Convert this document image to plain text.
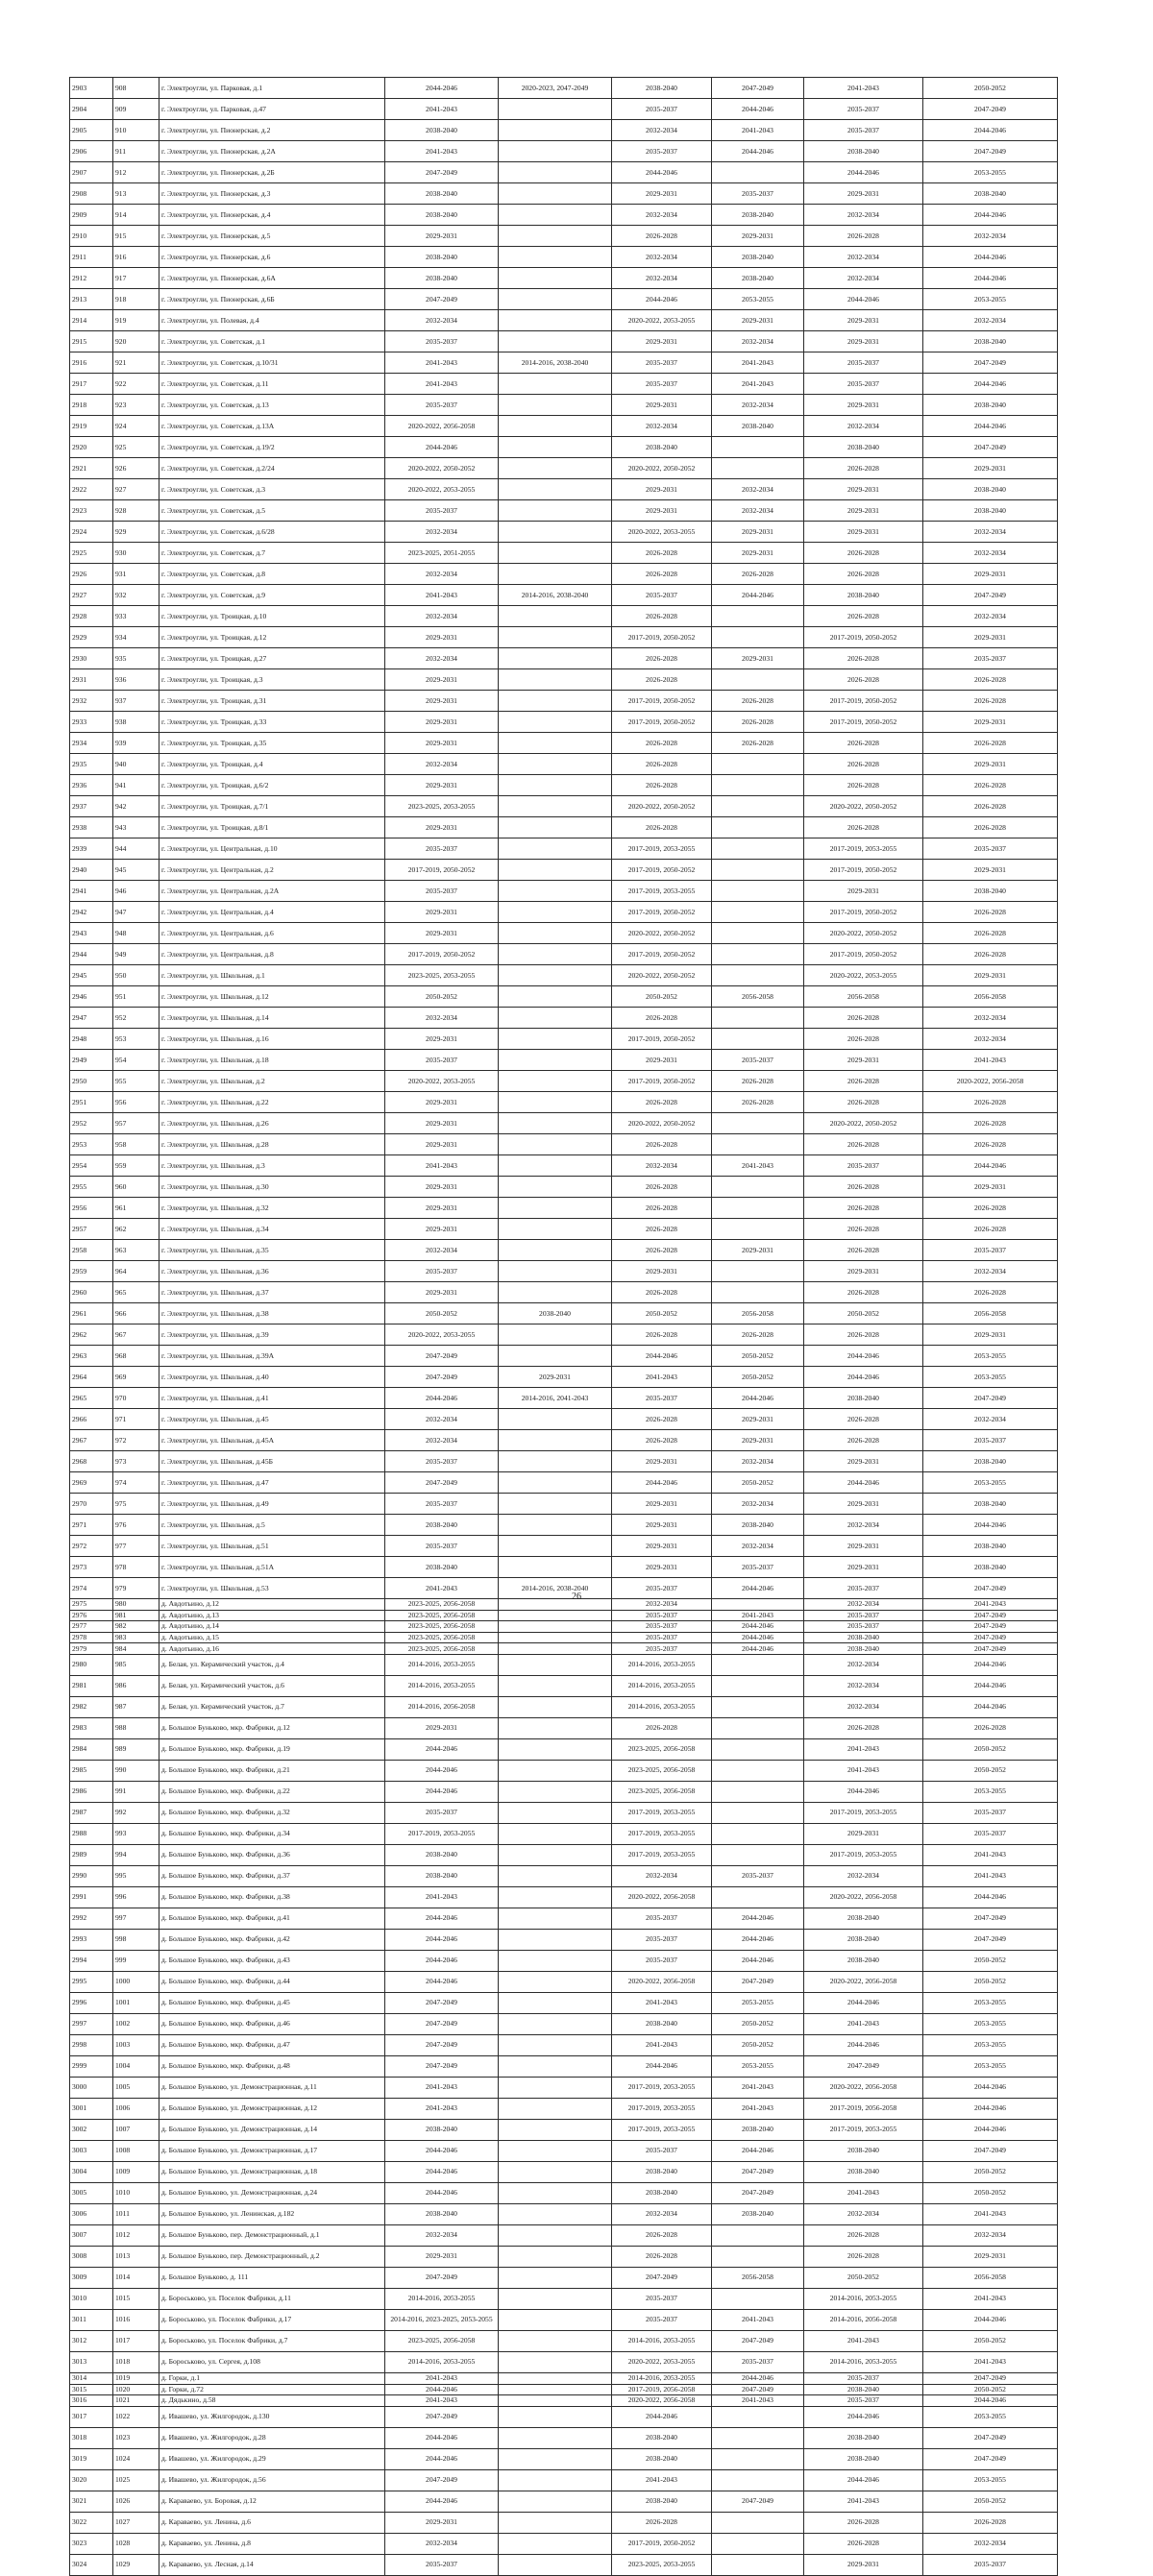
2903	908	г. Электроугли, ул. Парковая, д.1	2044-2046	2020-2023, 2047-2049	2038-2040	2047-2049	2041-2043	2050-2052
2904	909	г. Электроугли, ул. Парковая, д.47	2041-2043		2035-2037	2044-2046	2035-2037	2047-2049
2905	910	г. Электроугли, ул. Пионерская, д.2	2038-2040		2032-2034	2041-2043	2035-2037	2044-2046
2906	911	г. Электроугли, ул. Пионерская, д.2А	2041-2043		2035-2037	2044-2046	2038-2040	2047-2049
2907	912	г. Электроугли, ул. Пионерская, д.2Б	2047-2049		2044-2046		2044-2046	2053-2055
2908	913	г. Электроугли, ул. Пионерская, д.3	2038-2040		2029-2031	2035-2037	2029-2031	2038-2040
2909	914	г. Электроугли, ул. Пионерская, д.4	2038-2040		2032-2034	2038-2040	2032-2034	2044-2046
2910	915	г. Электроугли, ул. Пионерская, д.5	2029-2031		2026-2028	2029-2031	2026-2028	2032-2034
2911	916	г. Электроугли, ул. Пионерская, д.6	2038-2040		2032-2034	2038-2040	2032-2034	2044-2046
2912	917	г. Электроугли, ул. Пионерская, д.6А	2038-2040		2032-2034	2038-2040	2032-2034	2044-2046
2913	918	г. Электроугли, ул. Пионерская, д.6Б	2047-2049		2044-2046	2053-2055	2044-2046	2053-2055
2914	919	г. Электроугли, ул. Полевая, д.4	2032-2034		2020-2022, 2053-2055	2029-2031	2029-2031	2032-2034
2915	920	г. Электроугли, ул. Советская, д.1	2035-2037		2029-2031	2032-2034	2029-2031	2038-2040
2916	921	г. Электроугли, ул. Советская, д.10/31	2041-2043	2014-2016, 2038-2040	2035-2037	2041-2043	2035-2037	2047-2049
2917	922	г. Электроугли, ул. Советская, д.11	2041-2043		2035-2037	2041-2043	2035-2037	2044-2046
2918	923	г. Электроугли, ул. Советская, д.13	2035-2037		2029-2031	2032-2034	2029-2031	2038-2040
2919	924	г. Электроугли, ул. Советская, д.13А	2020-2022, 2056-2058		2032-2034	2038-2040	2032-2034	2044-2046
2920	925	г. Электроугли, ул. Советская, д.19/2	2044-2046		2038-2040		2038-2040	2047-2049
2921	926	г. Электроугли, ул. Советская, д.2/24	2020-2022, 2050-2052		2020-2022, 2050-2052		2026-2028	2029-2031
2922	927	г. Электроугли, ул. Советская, д.3	2020-2022, 2053-2055		2029-2031	2032-2034	2029-2031	2038-2040
2923	928	г. Электроугли, ул. Советская, д.5	2035-2037		2029-2031	2032-2034	2029-2031	2038-2040
2924	929	г. Электроугли, ул. Советская, д.6/28	2032-2034		2020-2022, 2053-2055	2029-2031	2029-2031	2032-2034
2925	930	г. Электроугли, ул. Советская, д.7	2023-2025, 2051-2055		2026-2028	2029-2031	2026-2028	2032-2034
2926	931	г. Электроугли, ул. Советская, д.8	2032-2034		2026-2028	2026-2028	2026-2028	2029-2031
2927	932	г. Электроугли, ул. Советская, д.9	2041-2043	2014-2016, 2038-2040	2035-2037	2044-2046	2038-2040	2047-2049
2928	933	г. Электроугли, ул. Троицкая, д.10	2032-2034		2026-2028		2026-2028	2032-2034
2929	934	г. Электроугли, ул. Троицкая, д.12	2029-2031		2017-2019, 2050-2052		2017-2019, 2050-2052	2029-2031
2930	935	г. Электроугли, ул. Троицкая, д.27	2032-2034		2026-2028	2029-2031	2026-2028	2035-2037
2931	936	г. Электроугли, ул. Троицкая, д.3	2029-2031		2026-2028		2026-2028	2026-2028
2932	937	г. Электроугли, ул. Троицкая, д.31	2029-2031		2017-2019, 2050-2052	2026-2028	2017-2019, 2050-2052	2026-2028
2933	938	г. Электроугли, ул. Троицкая, д.33	2029-2031		2017-2019, 2050-2052	2026-2028	2017-2019, 2050-2052	2029-2031
2934	939	г. Электроугли, ул. Троицкая, д.35	2029-2031		2026-2028	2026-2028	2026-2028	2026-2028
2935	940	г. Электроугли, ул. Троицкая, д.4	2032-2034		2026-2028		2026-2028	2029-2031
2936	941	г. Электроугли, ул. Троицкая, д.6/2	2029-2031		2026-2028		2026-2028	2026-2028
2937	942	г. Электроугли, ул. Троицкая, д.7/1	2023-2025, 2053-2055		2020-2022, 2050-2052		2020-2022, 2050-2052	2026-2028
2938	943	г. Электроугли, ул. Троицкая, д.8/1	2029-2031		2026-2028		2026-2028	2026-2028
2939	944	г. Электроугли, ул. Центральная, д.10	2035-2037		2017-2019, 2053-2055		2017-2019, 2053-2055	2035-2037
2940	945	г. Электроугли, ул. Центральная, д.2	2017-2019, 2050-2052		2017-2019, 2050-2052		2017-2019, 2050-2052	2029-2031
2941	946	г. Электроугли, ул. Центральная, д.2А	2035-2037		2017-2019, 2053-2055		2029-2031	2038-2040
2942	947	г. Электроугли, ул. Центральная, д.4	2029-2031		2017-2019, 2050-2052		2017-2019, 2050-2052	2026-2028
2943	948	г. Электроугли, ул. Центральная, д.6	2029-2031		2020-2022, 2050-2052		2020-2022, 2050-2052	2026-2028
2944	949	г. Электроугли, ул. Центральная, д.8	2017-2019, 2050-2052		2017-2019, 2050-2052		2017-2019, 2050-2052	2026-2028
2945	950	г. Электроугли, ул. Школьная, д.1	2023-2025, 2053-2055		2020-2022, 2050-2052		2020-2022, 2053-2055	2029-2031
2946	951	г. Электроугли, ул. Школьная, д.12	2050-2052		2050-2052	2056-2058	2056-2058	2056-2058
2947	952	г. Электроугли, ул. Школьная, д.14	2032-2034		2026-2028		2026-2028	2032-2034
2948	953	г. Электроугли, ул. Школьная, д.16	2029-2031		2017-2019, 2050-2052		2026-2028	2032-2034
2949	954	г. Электроугли, ул. Школьная, д.18	2035-2037		2029-2031	2035-2037	2029-2031	2041-2043
2950	955	г. Электроугли, ул. Школьная, д.2	2020-2022, 2053-2055		2017-2019, 2050-2052	2026-2028	2026-2028	2020-2022, 2056-2058
2951	956	г. Электроугли, ул. Школьная, д.22	2029-2031		2026-2028	2026-2028	2026-2028	2026-2028
2952	957	г. Электроугли, ул. Школьная, д.26	2029-2031		2020-2022, 2050-2052		2020-2022, 2050-2052	2026-2028
2953	958	г. Электроугли, ул. Школьная, д.28	2029-2031		2026-2028		2026-2028	2026-2028
2954	959	г. Электроугли, ул. Школьная, д.3	2041-2043		2032-2034	2041-2043	2035-2037	2044-2046
2955	960	г. Электроугли, ул. Школьная, д.30	2029-2031		2026-2028		2026-2028	2029-2031
2956	961	г. Электроугли, ул. Школьная, д.32	2029-2031		2026-2028		2026-2028	2026-2028
2957	962	г. Электроугли, ул. Школьная, д.34	2029-2031		2026-2028		2026-2028	2026-2028
2958	963	г. Электроугли, ул. Школьная, д.35	2032-2034		2026-2028	2029-2031	2026-2028	2035-2037
2959	964	г. Электроугли, ул. Школьная, д.36	2035-2037		2029-2031		2029-2031	2032-2034
2960	965	г. Электроугли, ул. Школьная, д.37	2029-2031		2026-2028		2026-2028	2026-2028
2961	966	г. Электроугли, ул. Школьная, д.38	2050-2052	2038-2040	2050-2052	2056-2058	2050-2052	2056-2058
2962	967	г. Электроугли, ул. Школьная, д.39	2020-2022, 2053-2055		2026-2028	2026-2028	2026-2028	2029-2031
2963	968	г. Электроугли, ул. Школьная, д.39А	2047-2049		2044-2046	2050-2052	2044-2046	2053-2055
2964	969	г. Электроугли, ул. Школьная, д.40	2047-2049	2029-2031	2041-2043	2050-2052	2044-2046	2053-2055
2965	970	г. Электроугли, ул. Школьная, д.41	2044-2046	2014-2016, 2041-2043	2035-2037	2044-2046	2038-2040	2047-2049
2966	971	г. Электроугли, ул. Школьная, д.45	2032-2034		2026-2028	2029-2031	2026-2028	2032-2034
2967	972	г. Электроугли, ул. Школьная, д.45А	2032-2034		2026-2028	2029-2031	2026-2028	2035-2037
2968	973	г. Электроугли, ул. Школьная, д.45Б	2035-2037		2029-2031	2032-2034	2029-2031	2038-2040
2969	974	г. Электроугли, ул. Школьная, д.47	2047-2049		2044-2046	2050-2052	2044-2046	2053-2055
2970	975	г. Электроугли, ул. Школьная, д.49	2035-2037		2029-2031	2032-2034	2029-2031	2038-2040
2971	976	г. Электроугли, ул. Школьная, д.5	2038-2040		2029-2031	2038-2040	2032-2034	2044-2046
2972	977	г. Электроугли, ул. Школьная, д.51	2035-2037		2029-2031	2032-2034	2029-2031	2038-2040
2973	978	г. Электроугли, ул. Школьная, д.51А	2038-2040		2029-2031	2035-2037	2029-2031	2038-2040
2974	979	г. Электроугли, ул. Школьная, д.53	2041-2043	2014-2016, 2038-2040	2035-2037	2044-2046	2035-2037	2047-2049
2975	980	д. Авдотьино, д.12	2023-2025, 2056-2058		2032-2034		2032-2034	2041-2043
2976	981	д. Авдотьино, д.13	2023-2025, 2056-2058		2035-2037	2041-2043	2035-2037	2047-2049
2977	982	д. Авдотьино, д.14	2023-2025, 2056-2058		2035-2037	2044-2046	2035-2037	2047-2049
2978	983	д. Авдотьино, д.15	2023-2025, 2056-2058		2035-2037	2044-2046	2038-2040	2047-2049
2979	984	д. Авдотьино, д.16	2023-2025, 2056-2058		2035-2037	2044-2046	2038-2040	2047-2049
2980	985	д. Белая, ул. Керамический участок, д.4	2014-2016, 2053-2055		2014-2016, 2053-2055		2032-2034	2044-2046
2981	986	д. Белая, ул. Керамический участок, д.6	2014-2016, 2053-2055		2014-2016, 2053-2055		2032-2034	2044-2046
2982	987	д. Белая, ул. Керамический участок, д.7	2014-2016, 2056-2058		2014-2016, 2053-2055		2032-2034	2044-2046
2983	988	д. Большое Буньково, мкр. Фабрики, д.12	2029-2031		2026-2028		2026-2028	2026-2028
2984	989	д. Большое Буньково, мкр. Фабрики, д.19	2044-2046		2023-2025, 2056-2058		2041-2043	2050-2052
2985	990	д. Большое Буньково, мкр. Фабрики, д.21	2044-2046		2023-2025, 2056-2058		2041-2043	2050-2052
2986	991	д. Большое Буньково, мкр. Фабрики, д.22	2044-2046		2023-2025, 2056-2058		2044-2046	2053-2055
2987	992	д. Большое Буньково, мкр. Фабрики, д.32	2035-2037		2017-2019, 2053-2055		2017-2019, 2053-2055	2035-2037
2988	993	д. Большое Буньково, мкр. Фабрики, д.34	2017-2019, 2053-2055		2017-2019, 2053-2055		2029-2031	2035-2037
2989	994	д. Большое Буньково, мкр. Фабрики, д.36	2038-2040		2017-2019, 2053-2055		2017-2019, 2053-2055	2041-2043
2990	995	д. Большое Буньково, мкр. Фабрики, д.37	2038-2040		2032-2034	2035-2037	2032-2034	2041-2043
2991	996	д. Большое Буньково, мкр. Фабрики, д.38	2041-2043		2020-2022, 2056-2058		2020-2022, 2056-2058	2044-2046
2992	997	д. Большое Буньково, мкр. Фабрики, д.41	2044-2046		2035-2037	2044-2046	2038-2040	2047-2049
2993	998	д. Большое Буньково, мкр. Фабрики, д.42	2044-2046		2035-2037	2044-2046	2038-2040	2047-2049
2994	999	д. Большое Буньково, мкр. Фабрики, д.43	2044-2046		2035-2037	2044-2046	2038-2040	2050-2052
2995	1000	д. Большое Буньково, мкр. Фабрики, д.44	2044-2046		2020-2022, 2056-2058	2047-2049	2020-2022, 2056-2058	2050-2052
2996	1001	д. Большое Буньково, мкр. Фабрики, д.45	2047-2049		2041-2043	2053-2055	2044-2046	2053-2055
2997	1002	д. Большое Буньково, мкр. Фабрики, д.46	2047-2049		2038-2040	2050-2052	2041-2043	2053-2055
2998	1003	д. Большое Буньково, мкр. Фабрики, д.47	2047-2049		2041-2043	2050-2052	2044-2046	2053-2055
2999	1004	д. Большое Буньково, мкр. Фабрики, д.48	2047-2049		2044-2046	2053-2055	2047-2049	2053-2055
3000	1005	д. Большое Буньково, ул. Демонстрационная, д.11	2041-2043		2017-2019, 2053-2055	2041-2043	2020-2022, 2056-2058	2044-2046
3001	1006	д. Большое Буньково, ул. Демонстрационная, д.12	2041-2043		2017-2019, 2053-2055	2041-2043	2017-2019, 2056-2058	2044-2046
3002	1007	д. Большое Буньково, ул. Демонстрационная, д.14	2038-2040		2017-2019, 2053-2055	2038-2040	2017-2019, 2053-2055	2044-2046
3003	1008	д. Большое Буньково, ул. Демонстрационная, д.17	2044-2046		2035-2037	2044-2046	2038-2040	2047-2049
3004	1009	д. Большое Буньково, ул. Демонстрационная, д.18	2044-2046		2038-2040	2047-2049	2038-2040	2050-2052
3005	1010	д. Большое Буньково, ул. Демонстрационная, д.24	2044-2046		2038-2040	2047-2049	2041-2043	2050-2052
3006	1011	д. Большое Буньково, ул. Ленинская, д.182	2038-2040		2032-2034	2038-2040	2032-2034	2041-2043
3007	1012	д. Большое Буньково, пер. Демонстрационный, д.1	2032-2034		2026-2028		2026-2028	2032-2034
3008	1013	д. Большое Буньково, пер. Демонстрационный, д.2	2029-2031		2026-2028		2026-2028	2029-2031
3009	1014	д. Большое Буньково, д. 111	2047-2049		2047-2049	2056-2058	2050-2052	2056-2058
3010	1015	д. Бороськово, ул. Поселок Фабрики, д.11	2014-2016, 2053-2055		2035-2037		2014-2016, 2053-2055	2041-2043
3011	1016	д. Бороськово, ул. Поселок Фабрики, д.17	2014-2016, 2023-2025, 2053-2055		2035-2037	2041-2043	2014-2016, 2056-2058	2044-2046
3012	1017	д. Бороськово, ул. Поселок Фабрики, д.7	2023-2025, 2056-2058		2014-2016, 2053-2055	2047-2049	2041-2043	2050-2052
3013	1018	д. Бороськово, ул. Сергея, д.108	2014-2016, 2053-2055		2020-2022, 2053-2055	2035-2037	2014-2016, 2053-2055	2041-2043
3014	1019	д. Горки, д.1	2041-2043		2014-2016, 2053-2055	2044-2046	2035-2037	2047-2049
3015	1020	д. Горки, д.72	2044-2046		2017-2019, 2056-2058	2047-2049	2038-2040	2050-2052
3016	1021	д. Дядькино, д.58	2041-2043		2020-2022, 2056-2058	2041-2043	2035-2037	2044-2046
3017	1022	д. Ивашево, ул. Жилгородок, д.130	2047-2049		2044-2046		2044-2046	2053-2055
3018	1023	д. Ивашево, ул. Жилгородок, д.28	2044-2046		2038-2040		2038-2040	2047-2049
3019	1024	д. Ивашево, ул. Жилгородок, д.29	2044-2046		2038-2040		2038-2040	2047-2049
3020	1025	д. Ивашево, ул. Жилгородок, д.56	2047-2049		2041-2043		2044-2046	2053-2055
3021	1026	д. Караваево, ул. Боровая, д.12	2044-2046		2038-2040	2047-2049	2041-2043	2050-2052
3022	1027	д. Караваево, ул. Ленина, д.6	2029-2031		2026-2028		2026-2028	2026-2028
3023	1028	д. Караваево, ул. Ленина, д.8	2032-2034		2017-2019, 2050-2052		2026-2028	2032-2034
3024	1029	д. Караваево, ул. Лесная, д.14	2035-2037		2023-2025, 2053-2055		2029-2031	2035-2037
26
